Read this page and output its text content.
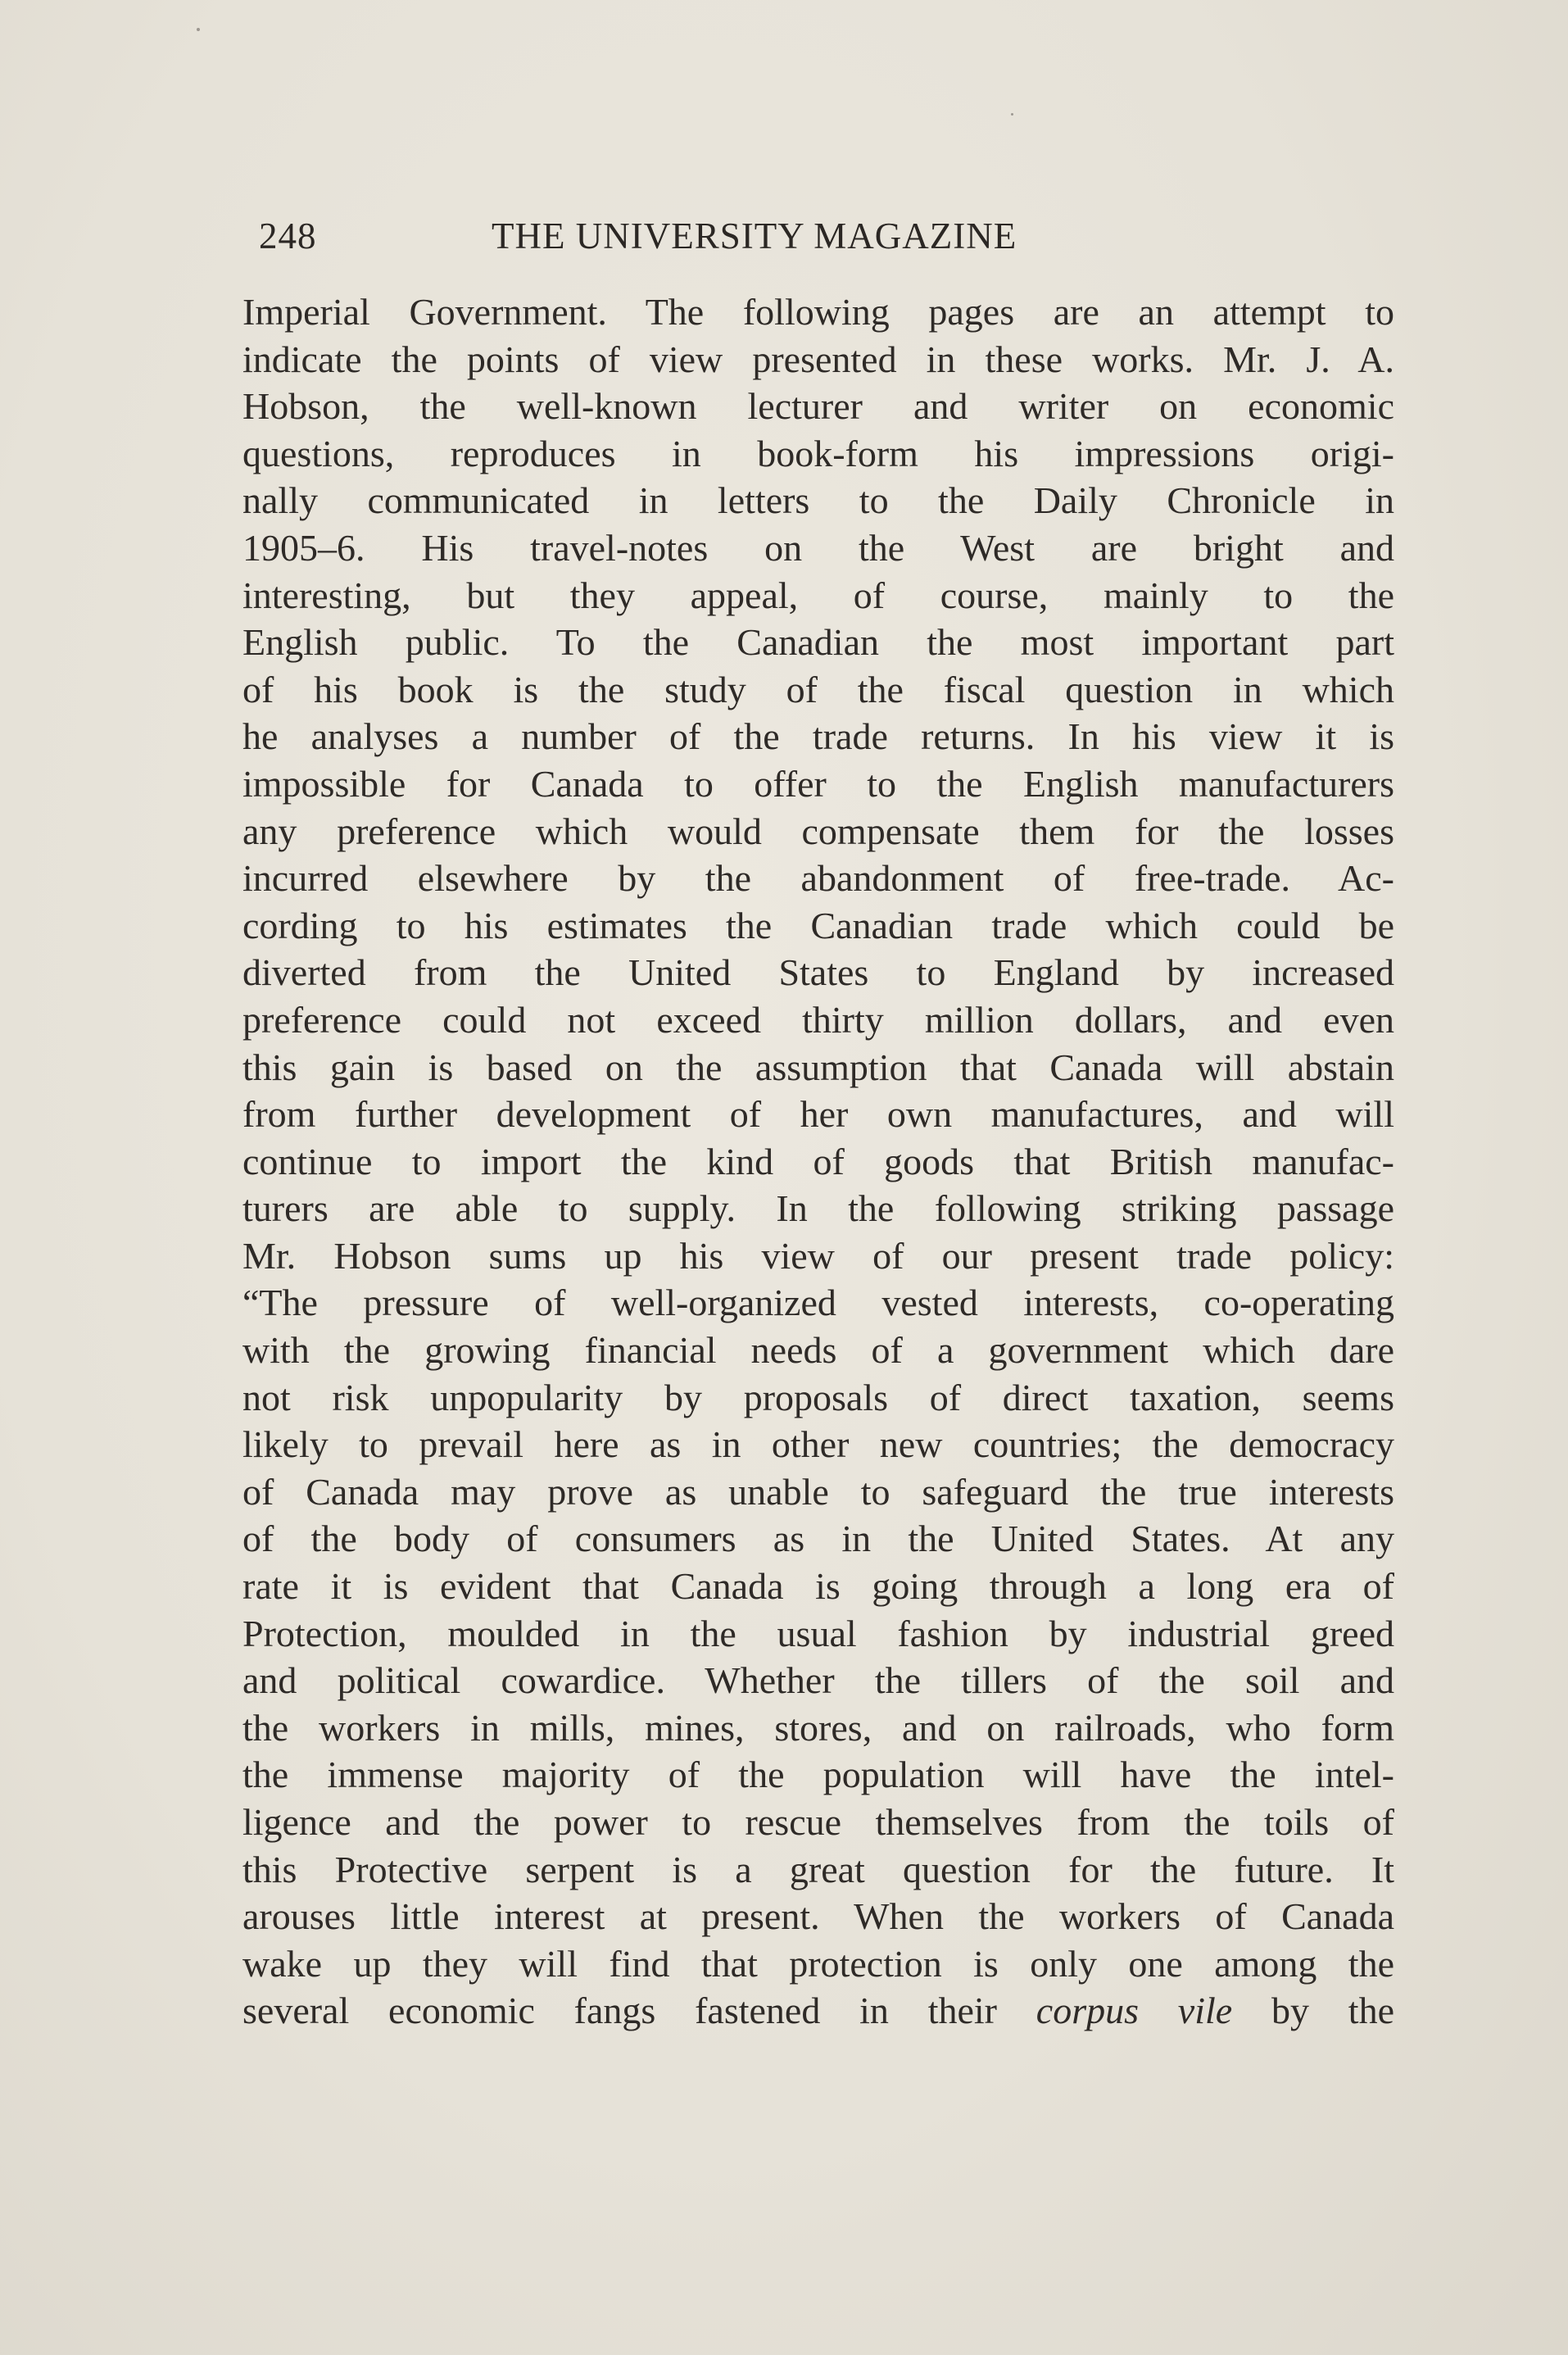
248	THE UNIVERSITY MAGAZINE
Imperial Government. The following pages are an attempt to
indicate the points of view presented in these works. Mr. J. A.
Hobson, the well-known lecturer and writer on economic
questions, reproduces in book-form his impressions origi-
nally communicated in letters to the Daily Chronicle in
1905–6. His travel-notes on the West are bright and
interesting, but they appeal, of course, mainly to the
English public. To the Canadian the most important part
of his book is the study of the fiscal question in which
he analyses a number of the trade returns. In his view it is
impossible for Canada to offer to the English manufacturers
any preference which would compensate them for the losses
incurred elsewhere by the abandonment of free-trade. Ac-
cording to his estimates the Canadian trade which could be
diverted from the United States to England by increased
preference could not exceed thirty million dollars, and even
this gain is based on the assumption that Canada will abstain
from further development of her own manufactures, and will
continue to import the kind of goods that British manufac-
turers are able to supply. In the following striking passage
Mr. Hobson sums up his view of our present trade policy:
“The pressure of well-organized vested interests, co-operating
with the growing financial needs of a government which dare
not risk unpopularity by proposals of direct taxation, seems
likely to prevail here as in other new countries; the democracy
of Canada may prove as unable to safeguard the true interests
of the body of consumers as in the United States. At any
rate it is evident that Canada is going through a long era of
Protection, moulded in the usual fashion by industrial greed
and political cowardice. Whether the tillers of the soil and
the workers in mills, mines, stores, and on railroads, who form
the immense majority of the population will have the intel-
ligence and the power to rescue themselves from the toils of
this Protective serpent is a great question for the future. It
arouses little interest at present. When the workers of Canada
wake up they will find that protection is only one among the
several economic fangs fastened in their corpus vile by the
